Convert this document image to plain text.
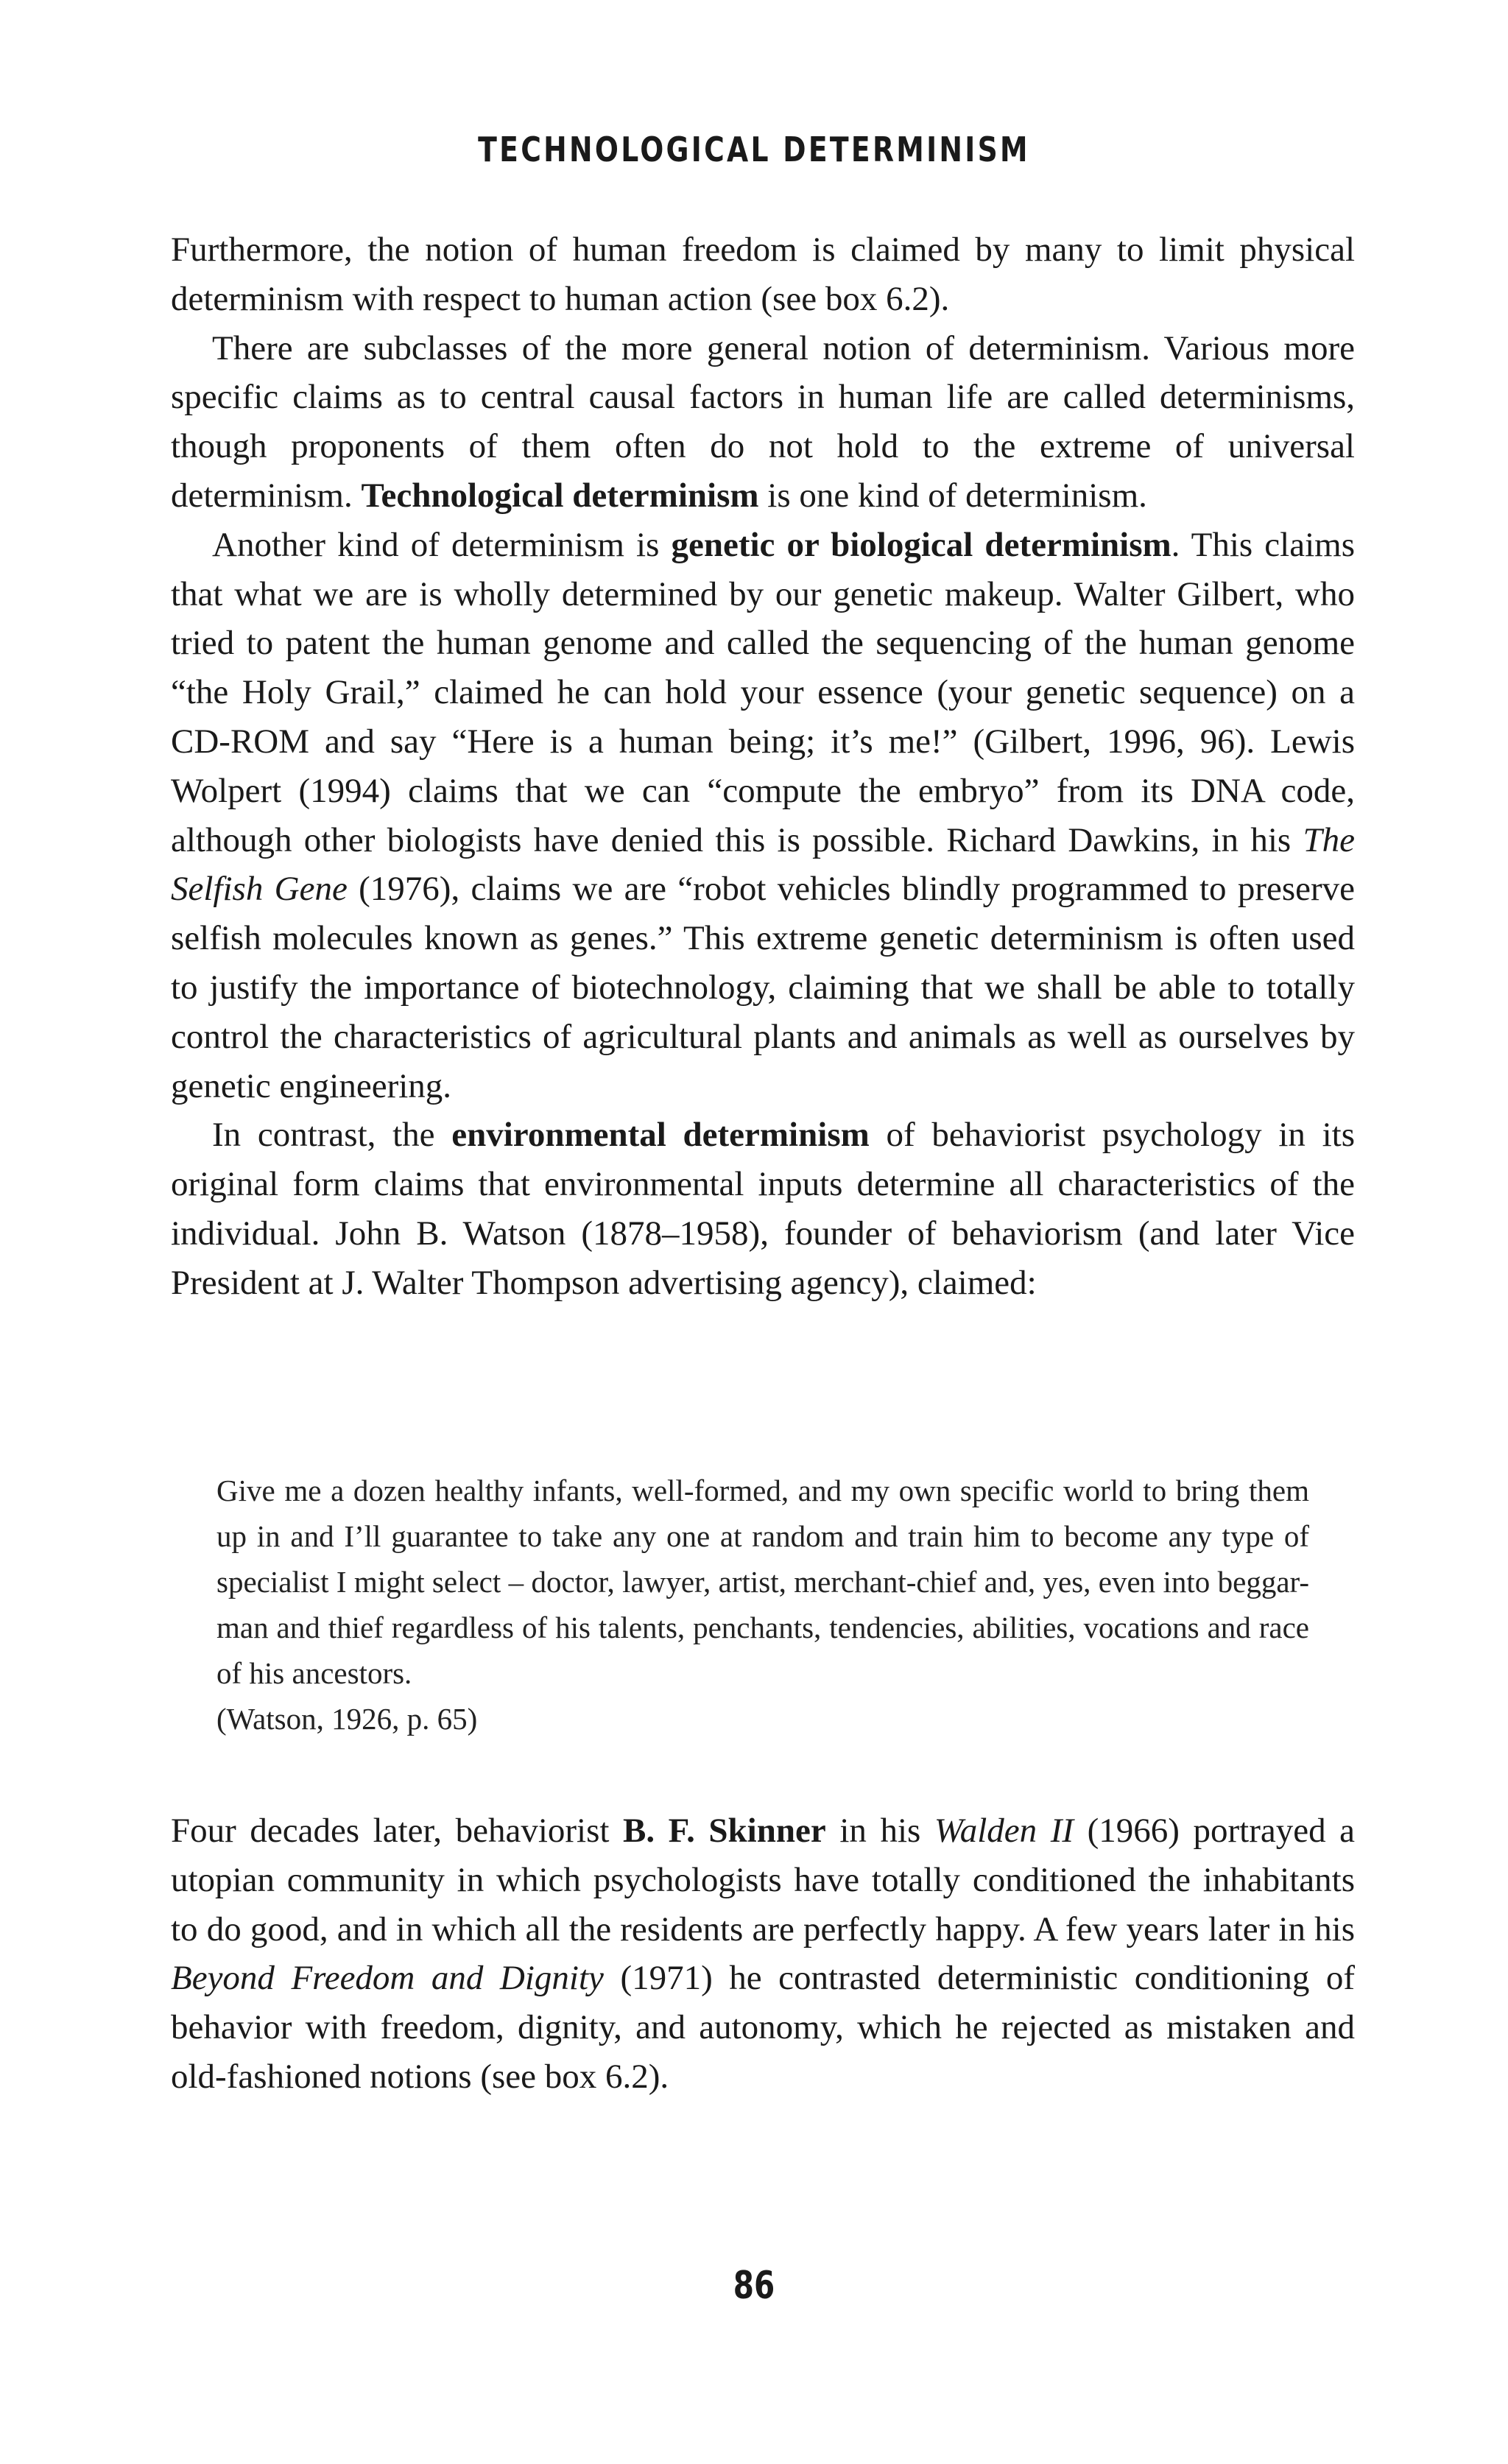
TECHNOLOGICAL DETERMINISM

Furthermore, the notion of human freedom is claimed by many to limit physical determinism with respect to human action (see box 6.2).

There are subclasses of the more general notion of determinism. Various more specific claims as to central causal factors in human life are called determinisms, though proponents of them often do not hold to the extreme of universal determinism. Technological determinism is one kind of determinism.

Another kind of determinism is genetic or biological determinism. This claims that what we are is wholly determined by our genetic makeup. Walter Gilbert, who tried to patent the human genome and called the sequencing of the human genome “the Holy Grail,” claimed he can hold your essence (your genetic sequence) on a CD-ROM and say “Here is a human being; it’s me!” (Gilbert, 1996, 96). Lewis Wolpert (1994) claims that we can “compute the embryo” from its DNA code, although other biologists have denied this is possible. Richard Dawkins, in his The Selfish Gene (1976), claims we are “robot vehicles blindly programmed to preserve selfish molecules known as genes.” This extreme genetic determinism is often used to justify the importance of biotechnology, claiming that we shall be able to totally control the characteristics of agricultural plants and animals as well as ourselves by genetic engineering.

In contrast, the environmental determinism of behaviorist psychology in its original form claims that environmental inputs determine all characteristics of the individual. John B. Watson (1878–1958), founder of behaviorism (and later Vice President at J. Walter Thompson advertising agency), claimed:

Give me a dozen healthy infants, well-formed, and my own specific world to bring them up in and I’ll guarantee to take any one at random and train him to become any type of specialist I might select – doctor, lawyer, artist, merchant-chief and, yes, even into beggar-man and thief regardless of his talents, penchants, tendencies, abilities, vocations and race of his ancestors.
(Watson, 1926, p. 65)

Four decades later, behaviorist B. F. Skinner in his Walden II (1966) portrayed a utopian community in which psychologists have totally conditioned the inhabitants to do good, and in which all the residents are perfectly happy. A few years later in his Beyond Freedom and Dignity (1971) he contrasted deterministic conditioning of behavior with freedom, dignity, and autonomy, which he rejected as mistaken and old-fashioned notions (see box 6.2).

86
